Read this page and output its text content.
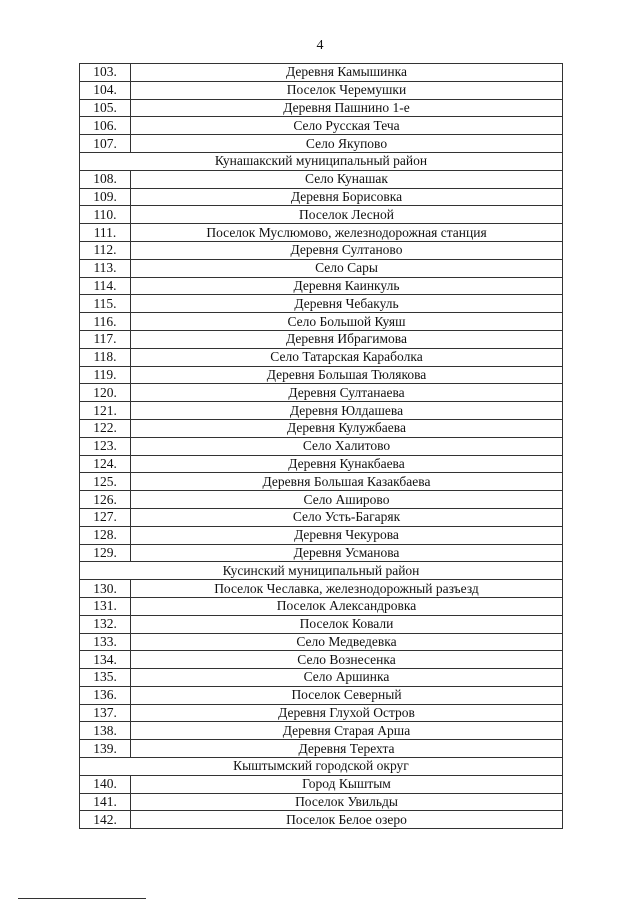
4
103.	Деревня Камышинка
104.	Поселок Черемушки
105.	Деревня Пашнино 1-е
106.	Село Русская Теча
107.	Село Якупово
Кунашакский муниципальный район	
108.	Село Кунашак
109.	Деревня Борисовка
110.	Поселок Лесной
111.	Поселок Муслюмово, железнодорожная станция
112.	Деревня Султаново
113.	Село Сары
114.	Деревня Каинкуль
115.	Деревня Чебакуль
116.	Село Большой Куяш
117.	Деревня Ибрагимова
118.	Село Татарская Караболка
119.	Деревня Большая Тюлякова
120.	Деревня Султанаева
121.	Деревня Юлдашева
122.	Деревня Кулужбаева
123.	Село Халитово
124.	Деревня Кунакбаева
125.	Деревня Большая Казакбаева
126.	Село Аширово
127.	Село Усть-Багаряк
128.	Деревня Чекурова
129.	Деревня Усманова
Кусинский муниципальный район	
130.	Поселок Чеславка, железнодорожный разъезд
131.	Поселок Александровка
132.	Поселок Ковали
133.	Село Медведевка
134.	Село Вознесенка
135.	Село Аршинка
136.	Поселок Северный
137.	Деревня Глухой Остров
138.	Деревня Старая Арша
139.	Деревня Терехта
Кыштымский городской округ	
140.	Город Кыштым
141.	Поселок Увильды
142.	Поселок Белое озеро
